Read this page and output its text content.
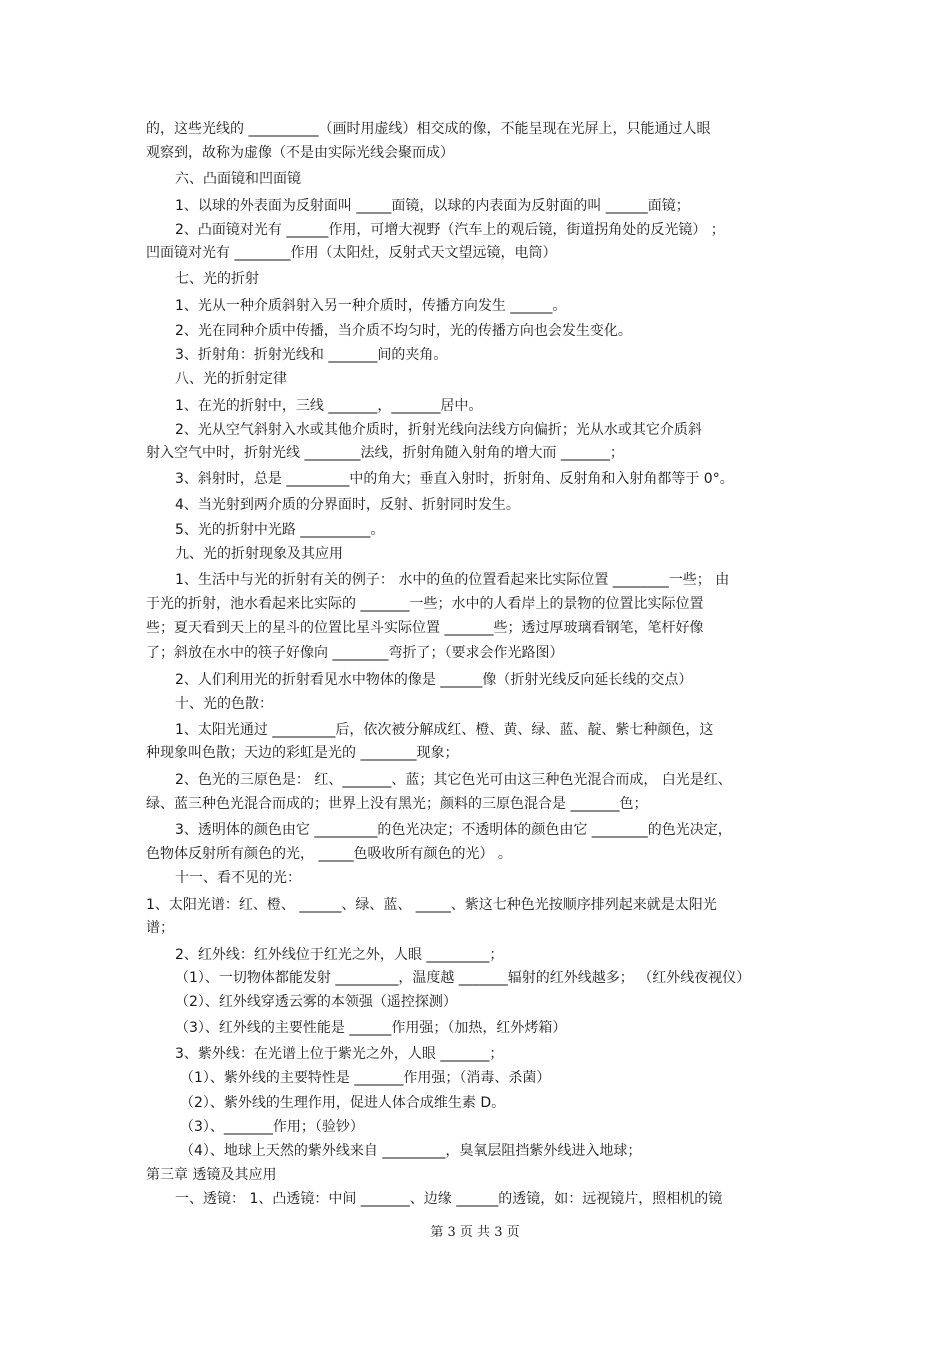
的，这些光线的 __________（画时用虚线）相交成的像，不能呈现在光屏上，只能通过人眼

观察到，故称为虚像（不是由实际光线会聚而成）

六、凸面镜和凹面镜

1、以球的外表面为反射面叫 _____面镜，以球的内表面为反射面的叫 ______面镜；

2、凸面镜对光有 ______作用，可增大视野（汽车上的观后镜，街道拐角处的反光镜） ；

凹面镜对光有 ________作用（太阳灶，反射式天文望远镜，电筒）

七、光的折射

1、光从一种介质斜射入另一种介质时，传播方向发生 ______。

2、光在同种介质中传播，当介质不均匀时，光的传播方向也会发生变化。

3、折射角：折射光线和 _______间的夹角。

八、光的折射定律

1、在光的折射中，三线 _______，_______居中。

2、光从空气斜射入水或其他介质时，折射光线向法线方向偏折；光从水或其它介质斜

射入空气中时，折射光线 ________法线，折射角随入射角的增大而 _______；

3、斜射时，总是 _________中的角大；垂直入射时，折射角、反射角和入射角都等于 0°。

4、当光射到两介质的分界面时，反射、折射同时发生。

5、光的折射中光路 __________。

九、光的折射现象及其应用

1、生活中与光的折射有关的例子： 水中的鱼的位置看起来比实际位置 ________一些； 由

于光的折射，池水看起来比实际的 _______一些；水中的人看岸上的景物的位置比实际位置

些；夏天看到天上的星斗的位置比星斗实际位置 _______些；透过厚玻璃看钢笔，笔杆好像

了；斜放在水中的筷子好像向 ________弯折了；（要求会作光路图）

2、人们利用光的折射看见水中物体的像是 ______像（折射光线反向延长线的交点）

十、光的色散：

1、太阳光通过 _________后，依次被分解成红、橙、黄、绿、蓝、靛、紫七种颜色，这

种现象叫色散；天边的彩虹是光的 ________现象；

2、色光的三原色是： 红、_______、蓝；其它色光可由这三种色光混合而成， 白光是红、

绿、蓝三种色光混合而成的；世界上没有黑光；颜料的三原色混合是 _______色；

3、透明体的颜色由它 _________的色光决定；不透明体的颜色由它 ________的色光决定，

色物体反射所有颜色的光， _____色吸收所有颜色的光） 。

十一、看不见的光：

1、太阳光谱：红、橙、 ______、绿、蓝、 _____、紫这七种色光按顺序排列起来就是太阳光

谱；

2、红外线：红外线位于红光之外，人眼 _________；

（1）、一切物体都能发射 _________，温度越 _______辐射的红外线越多； （红外线夜视仪）

（2）、红外线穿透云雾的本领强（遥控探测）

（3）、红外线的主要性能是 ______作用强；（加热，红外烤箱）

3、紫外线：在光谱上位于紫光之外，人眼 _______；

（1）、紫外线的主要特性是 _______作用强；（消毒、杀菌）

（2）、紫外线的生理作用，促进人体合成维生素 D。

（3）、_______作用；（验钞）

（4）、地球上天然的紫外线来自 _________，臭氧层阻挡紫外线进入地球；

第三章 透镜及其应用

一、透镜： 1、凸透镜：中间 _______、边缘 ______的透镜，如：远视镜片，照相机的镜

第 3 页 共 3 页
